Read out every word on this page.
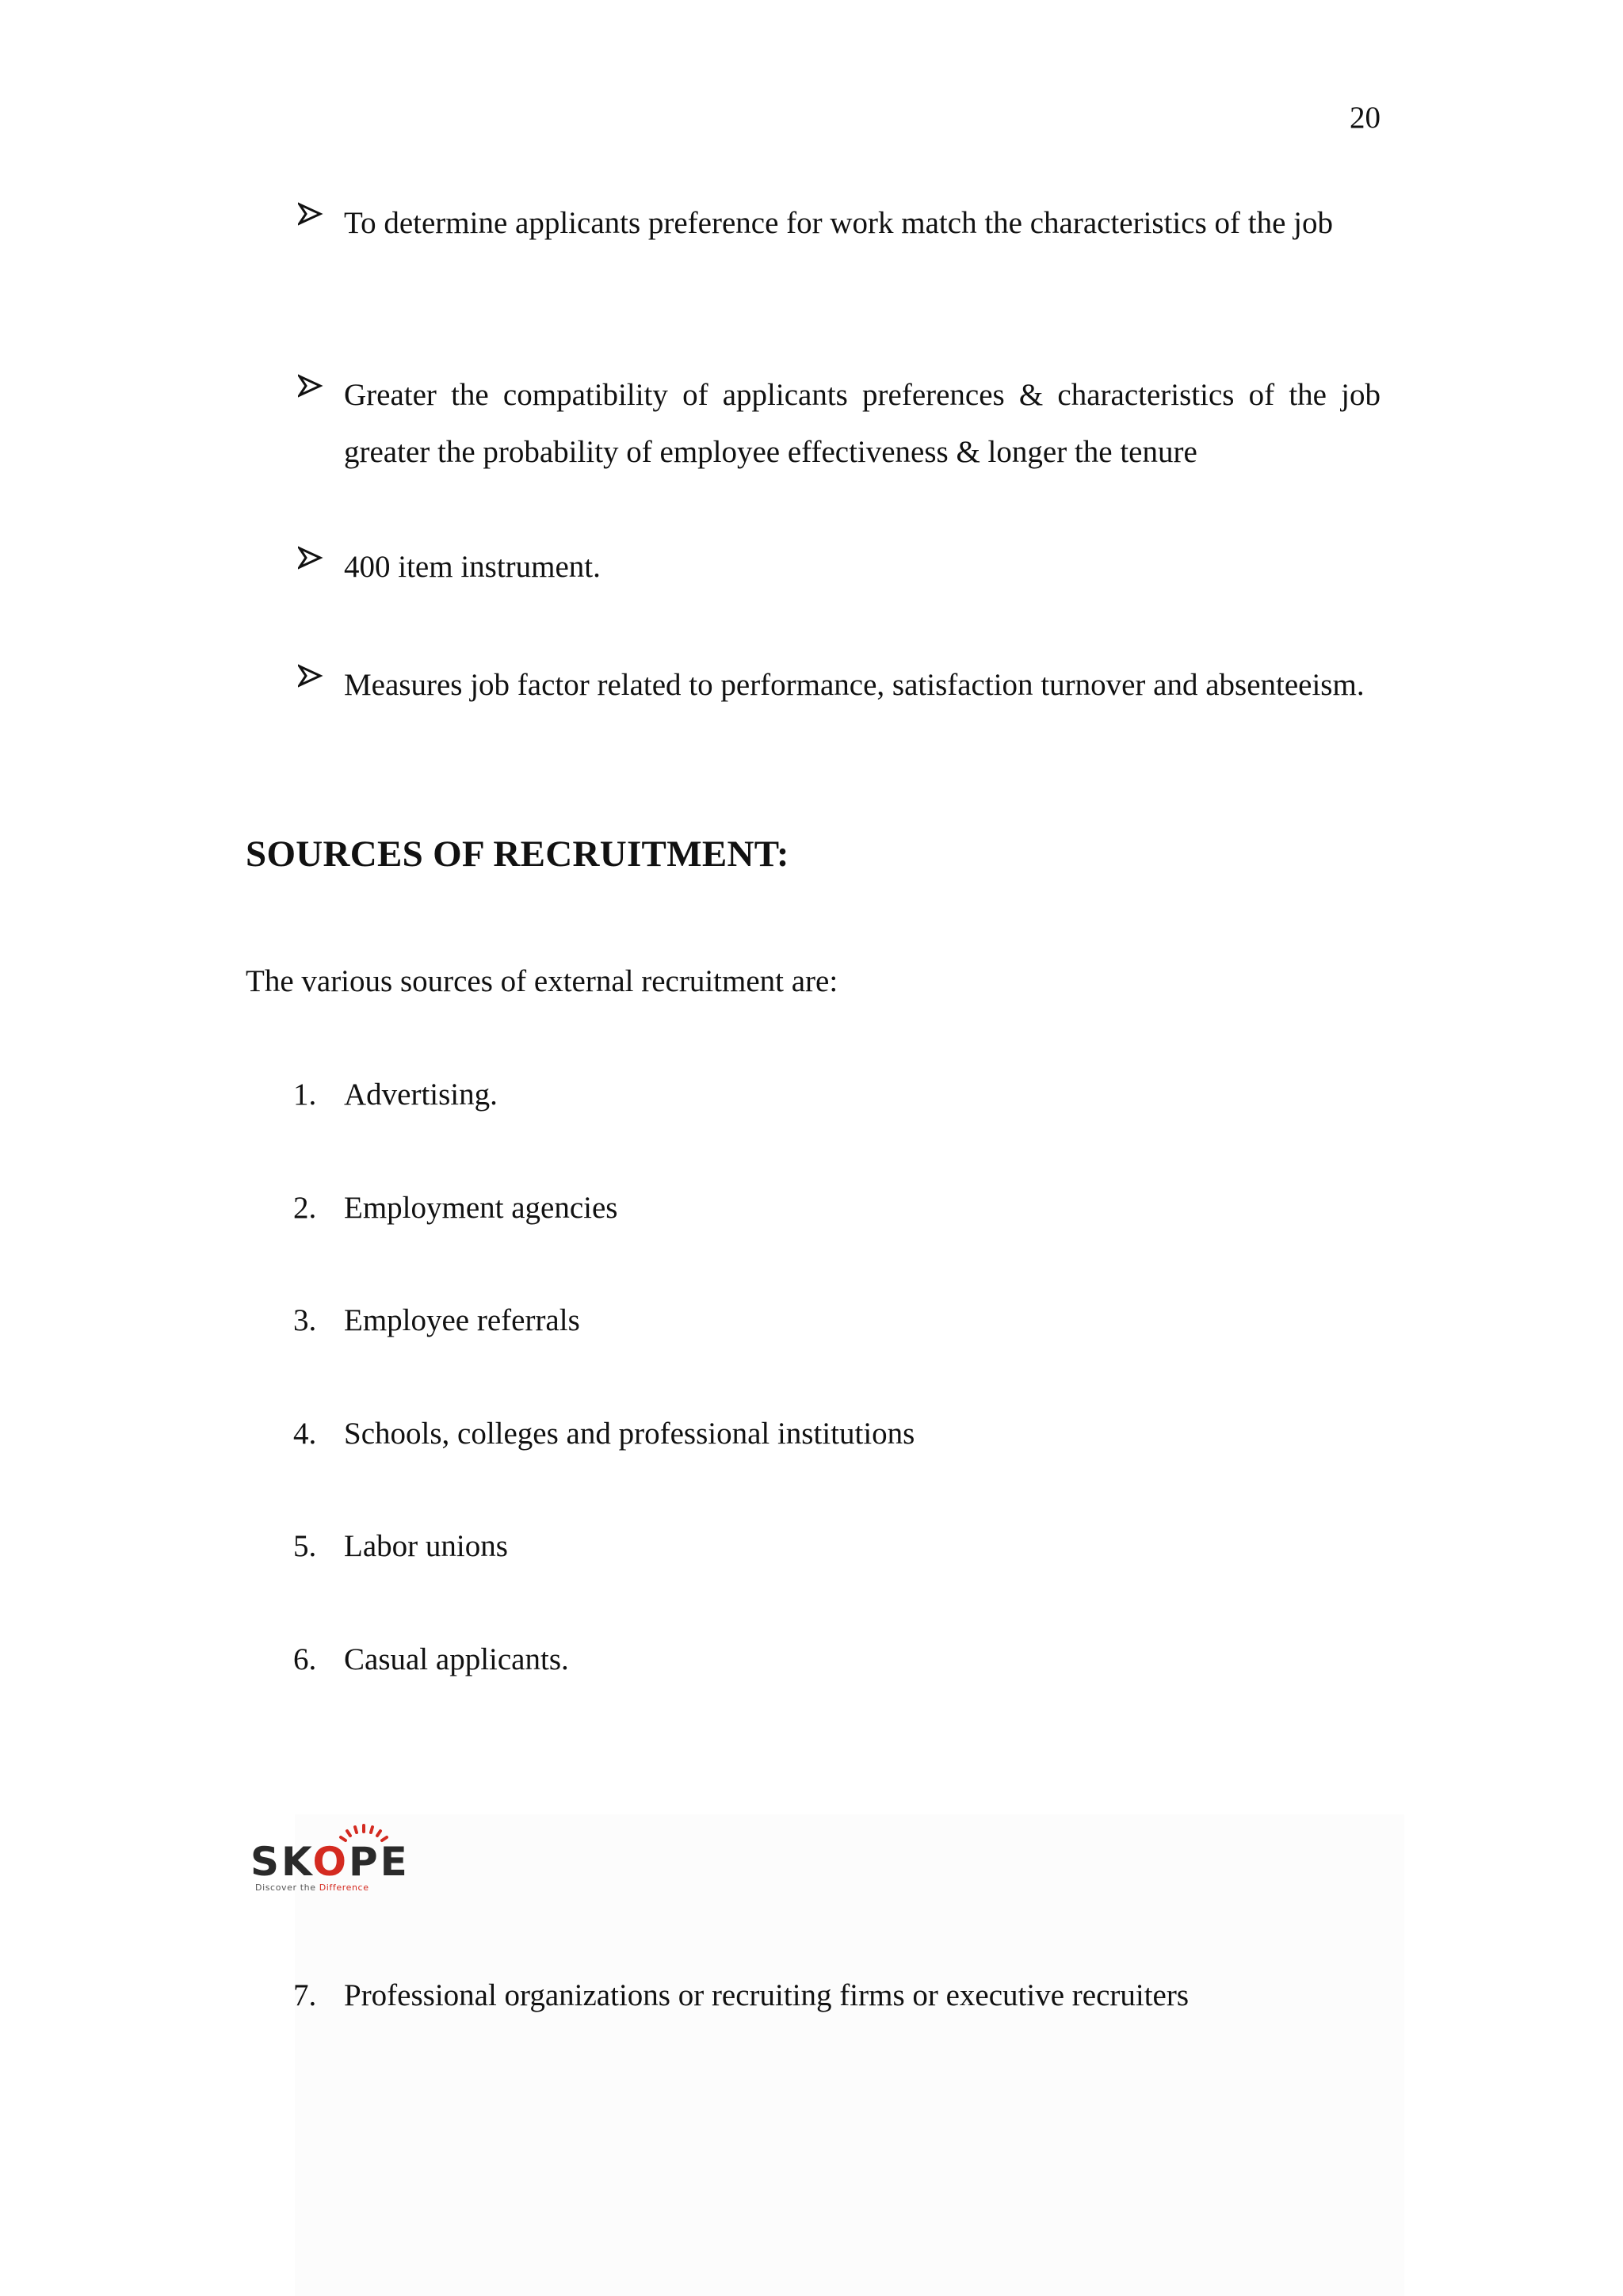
20
To determine applicants preference for work match the characteristics of the job
Greater the compatibility of applicants preferences & characteristics of the job greater the probability of employee effectiveness & longer the tenure
400 item instrument.
Measures job factor related to performance, satisfaction turnover and absenteeism.
SOURCES OF RECRUITMENT:
The various sources of external recruitment are:
1. Advertising.
2. Employment agencies
3. Employee referrals
4. Schools, colleges and professional institutions
5. Labor unions
6. Casual applicants.
SKOPE
Discover the Difference
7. Professional organizations or recruiting firms or executive recruiters
